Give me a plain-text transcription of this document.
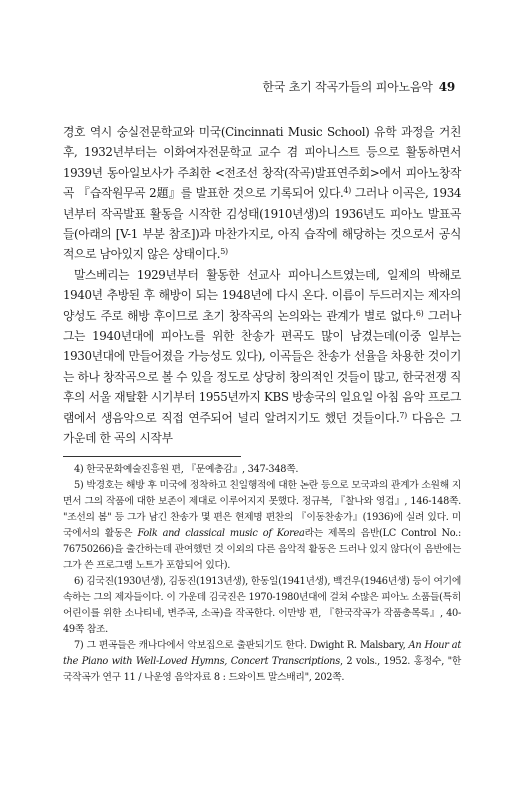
한국 초기 작곡가들의 피아노음악 49

경호 역시 숭실전문학교와 미국(Cincinnati Music School) 유학 과정을 거친 후, 1932년부터는 이화여자전문학교 교수 겸 피아니스트 등으로 활동하면서 1939년 동아일보사가 주최한 <전조선 창작(작곡)발표연주회>에서 피아노창작곡 『습작원무곡 2題』를 발표한 것으로 기록되어 있다.$^{4)}$ 그러나 이곡은, 1934년부터 작곡발표 활동을 시작한 김성태(1910년생)의 1936년도 피아노 발표곡들(아래의 [V-1 부분 참조])과 마찬가지로, 아직 습작에 해당하는 것으로서 공식적으로 남아있지 않은 상태이다.$^{5)}$

말스베리는 1929년부터 활동한 선교사 피아니스트였는데, 일제의 박해로 1940년 추방된 후 해방이 되는 1948년에 다시 온다. 이름이 두드러지는 제자의 양성도 주로 해방 후이므로 초기 창작곡의 논의와는 관계가 별로 없다.$^{6)}$ 그러나 그는 1940년대에 피아노를 위한 찬송가 편곡도 많이 남겼는데(이중 일부는 1930년대에 만들어졌을 가능성도 있다), 이곡들은 찬송가 선율을 차용한 것이기는 하나 창작곡으로 볼 수 있을 정도로 상당히 창의적인 것들이 많고, 한국전쟁 직후의 서울 재탈환 시기부터 1955년까지 KBS 방송국의 일요일 아침 음악 프로그램에서 생음악으로 직접 연주되어 널리 알려지기도 했던 것들이다.$^{7)}$ 다음은 그 가운데 한 곡의 시작부

4) 한국문화예술진흥원 편, 『문예총감』, 347-348쪽.

5) 박경호는 해방 후 미국에 정착하고 친일행적에 대한 논란 등으로 모국과의 관계가 소원해 지면서 그의 작품에 대한 보존이 제대로 이루어지지 못했다. 정규복, 『찰나와 영겁』, 146-148쪽. "조선의 봄" 등 그가 남긴 찬송가 몇 편은 현제명 편찬의 『이동찬송가』(1936)에 실려 있다. 미국에서의 활동은 Folk and classical music of Korea라는 제목의 음반(LC Control No.: 76750266)을 출간하는데 관여했던 것 이외의 다른 음악적 활동은 드러나 있지 않다(이 음반에는 그가 쓴 프로그램 노트가 포함되어 있다).

6) 김국진(1930년생), 김동진(1913년생), 한동일(1941년생), 백건우(1946년생) 등이 여기에 속하는 그의 제자들이다. 이 가운데 김국진은 1970-1980년대에 걸쳐 수많은 피아노 소품들(특히 어린이를 위한 소나티네, 변주곡, 소곡)을 작곡한다. 이만방 편, 『한국작곡가 작품총목록』, 40-49쪽 참조.

7) 그 편곡들은 캐나다에서 악보집으로 출판되기도 한다. Dwight R. Malsbary, An Hour at the Piano with Well-Loved Hymns, Concert Transcriptions, 2 vols., 1952. 홍정수, "한국작곡가 연구 11 / 나운영 음악자료 8 : 드와이트 말스배리", 202쪽.
